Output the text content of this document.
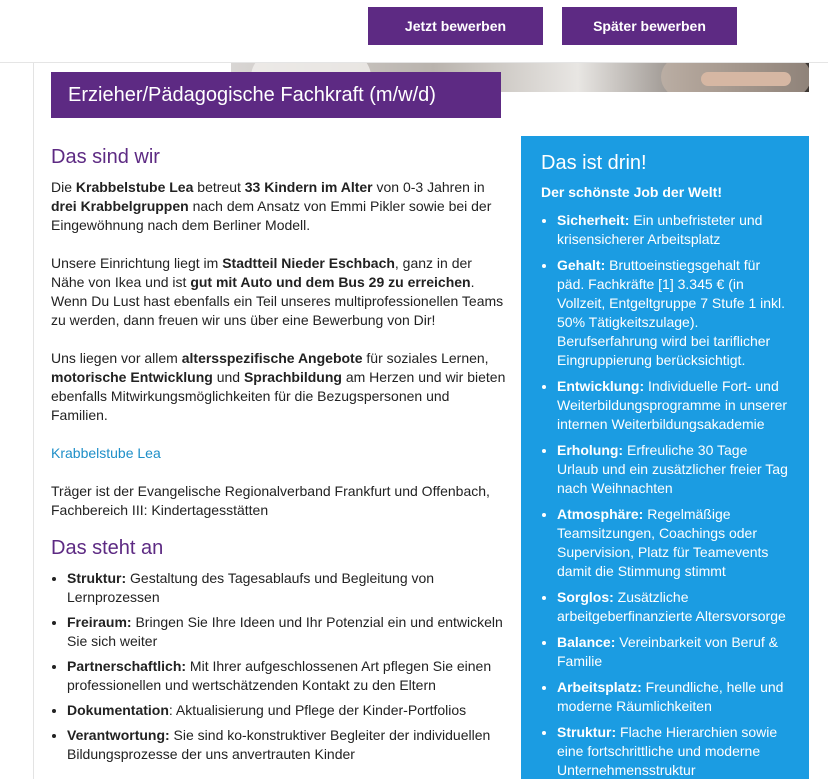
Jetzt bewerben	Später bewerben
Erzieher/Pädagogische Fachkraft (m/w/d)
Das sind wir

Die Krabbelstube Lea betreut 33 Kindern im Alter von 0-3 Jahren in drei Krabbelgruppen nach dem Ansatz von Emmi Pikler sowie bei der Eingewöhnung nach dem Berliner Modell.

Unsere Einrichtung liegt im Stadtteil Nieder Eschbach, ganz in der Nähe von Ikea und ist gut mit Auto und dem Bus 29 zu erreichen. Wenn Du Lust hast ebenfalls ein Teil unseres multiprofessionellen Teams zu werden, dann freuen wir uns über eine Bewerbung von Dir!

Uns liegen vor allem altersspezifische Angebote für soziales Lernen, motorische Entwicklung und Sprachbildung am Herzen und wir bieten ebenfalls Mitwirkungsmöglichkeiten für die Bezugspersonen und Familien.

Krabbelstube Lea

Träger ist der Evangelische Regionalverband Frankfurt und Offenbach, Fachbereich III: Kindertagesstätten

Das steht an
• Struktur: Gestaltung des Tagesablaufs und Begleitung von Lernprozessen
• Freiraum: Bringen Sie Ihre Ideen und Ihr Potenzial ein und entwickeln Sie sich weiter
• Partnerschaftlich: Mit Ihrer aufgeschlossenen Art pflegen Sie einen professionellen und wertschätzenden Kontakt zu den Eltern
• Dokumentation: Aktualisierung und Pflege der Kinder-Portfolios
• Verantwortung: Sie sind ko-konstruktiver Begleiter der individuellen Bildungsprozesse der uns anvertrauten Kinder
Das ist drin!
Der schönste Job der Welt!
• Sicherheit: Ein unbefristeter und krisensicherer Arbeitsplatz
• Gehalt: Bruttoeinstiegsgehalt für päd. Fachkräfte [1] 3.345 € (in Vollzeit, Entgeltgruppe 7 Stufe 1 inkl. 50% Tätigkeitszulage). Berufserfahrung wird bei tariflicher Eingruppierung berücksichtigt.
• Entwicklung: Individuelle Fort- und Weiterbildungsprogramme in unserer internen Weiterbildungsakademie
• Erholung: Erfreuliche 30 Tage Urlaub und ein zusätzlicher freier Tag nach Weihnachten
• Atmosphäre: Regelmäßige Teamsitzungen, Coachings oder Supervision, Platz für Teamevents damit die Stimmung stimmt
• Sorglos: Zusätzliche arbeitgeberfinanzierte Altersvorsorge
• Balance: Vereinbarkeit von Beruf & Familie
• Arbeitsplatz: Freundliche, helle und moderne Räumlichkeiten
• Struktur: Flache Hierarchien sowie eine fortschrittliche und moderne Unternehmensstruktur
